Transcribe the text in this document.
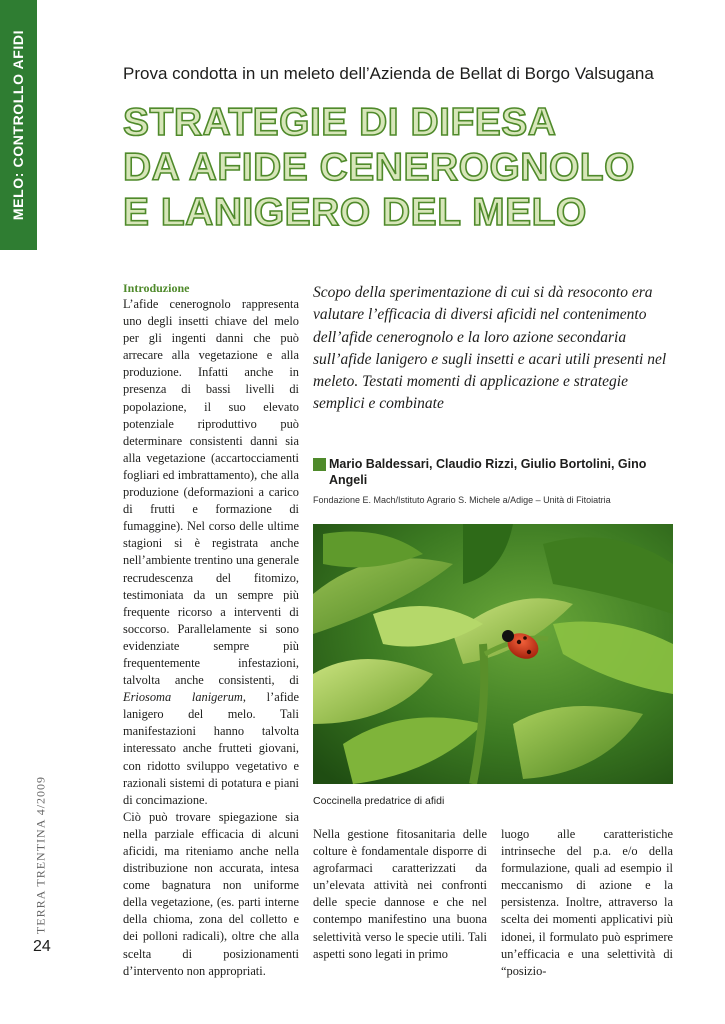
MELO: CONTROLLO AFIDI
TERRA TRENTINA 4/2009
24
Prova condotta in un meleto dell’Azienda de Bellat di Borgo Valsugana
STRATEGIE DI DIFESA
DA AFIDE CENEROGNOLO
E LANIGERO DEL MELO
Introduzione

L’afide cenerognolo rappresenta uno degli insetti chiave del melo per gli ingenti danni che può arrecare alla vegetazione e alla produzione. Infatti anche in presenza di bassi livelli di popolazione, il suo elevato potenziale riproduttivo può determinare consistenti danni sia alla vegetazione (accartocciamenti fogliari ed imbrattamento), che alla produzione (deformazioni a carico di frutti e formazione di fumaggine). Nel corso delle ultime stagioni si è registrata anche nell’ambiente trentino una generale recrudescenza del fitomizo, testimoniata da un sempre più frequente ricorso a interventi di soccorso. Parallelamente si sono evidenziate sempre più frequentemente infestazioni, talvolta anche consistenti, di Eriosoma lanigerum, l’afide lanigero del melo. Tali manifestazioni hanno talvolta interessato anche frutteti giovani, con ridotto sviluppo vegetativo e razionali sistemi di potatura e piani di concimazione.

Ciò può trovare spiegazione sia nella parziale efficacia di alcuni aficidi, ma riteniamo anche nella distribuzione non accurata, intesa come bagnatura non uniforme della vegetazione, (es. parti interne della chioma, zona del colletto e dei polloni radicali), oltre che alla scelta di posizionamenti d’intervento non appropriati.

Scopo della sperimentazione di cui si dà resoconto era valutare l’efficacia di diversi aficidi nel contenimento dell’afide cenerognolo e la loro azione secondaria sull’afide lanigero e sugli insetti e acari utili presenti nel meleto. Testati momenti di applicazione e strategie semplici e combinate

Mario Baldessari, Claudio Rizzi, Giulio Bortolini, Gino Angeli
Fondazione E. Mach/Istituto Agrario S. Michele a/Adige – Unità di Fitoiatria
Coccinella predatrice di afidi

Nella gestione fitosanitaria delle colture è fondamentale disporre di agrofarmaci caratterizzati da un’elevata attività nei confronti delle specie dannose e che nel contempo manifestino una buona selettività verso le specie utili. Tali aspetti sono legati in primo

luogo alle caratteristiche intrinseche del p.a. e/o della formulazione, quali ad esempio il meccanismo di azione e la persistenza. Inoltre, attraverso la scelta dei momenti applicativi più idonei, il formulato può esprimere un’efficacia e una selettività di “posizio-
